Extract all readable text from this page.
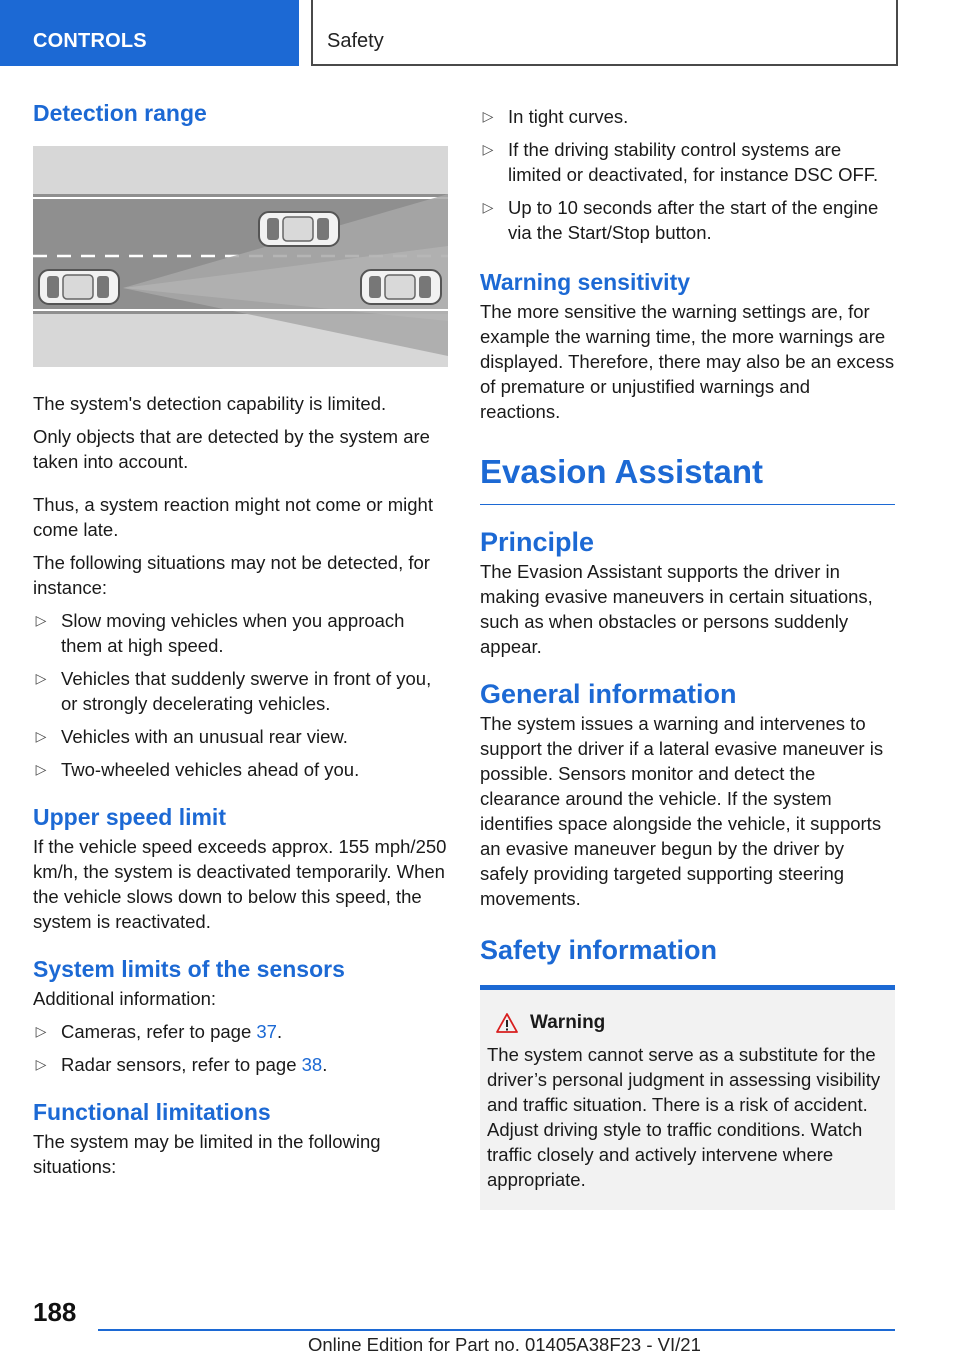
CONTROLS	Safety
Detection range

The system's detection capability is limited.

Only objects that are detected by the system are taken into account.

Thus, a system reaction might not come or might come late.

The following situations may not be detected, for instance:

▷ Slow moving vehicles when you approach them at high speed.
▷ Vehicles that suddenly swerve in front of you, or strongly decelerating vehicles.
▷ Vehicles with an unusual rear view.
▷ Two-wheeled vehicles ahead of you.
Upper speed limit

If the vehicle speed exceeds approx. 155 mph/250 km/h, the system is deactivated temporarily. When the vehicle slows down to below this speed, the system is reactivated.

System limits of the sensors

Additional information:

▷ Cameras, refer to page 37.
▷ Radar sensors, refer to page 38.
Functional limitations

The system may be limited in the following situations:

▷ In tight curves.
▷ If the driving stability control systems are limited or deactivated, for instance DSC OFF.
▷ Up to 10 seconds after the start of the engine via the Start/Stop button.
Warning sensitivity

The more sensitive the warning settings are, for example the warning time, the more warnings are displayed. Therefore, there may also be an excess of premature or unjustified warnings and reactions.

Evasion Assistant
Principle

The Evasion Assistant supports the driver in making evasive maneuvers in certain situations, such as when obstacles or persons suddenly appear.

General information

The system issues a warning and intervenes to support the driver if a lateral evasive maneuver is possible. Sensors monitor and detect the clearance around the vehicle. If the system identifies space alongside the vehicle, it supports an evasive maneuver begun by the driver by safely providing targeted supporting steering movements.

Safety information
Warning

The system cannot serve as a substitute for the driver’s personal judgment in assessing visibility and traffic situation. There is a risk of accident. Adjust driving style to traffic conditions. Watch traffic closely and actively intervene where appropriate.

188
Online Edition for Part no. 01405A38F23 - VI/21
